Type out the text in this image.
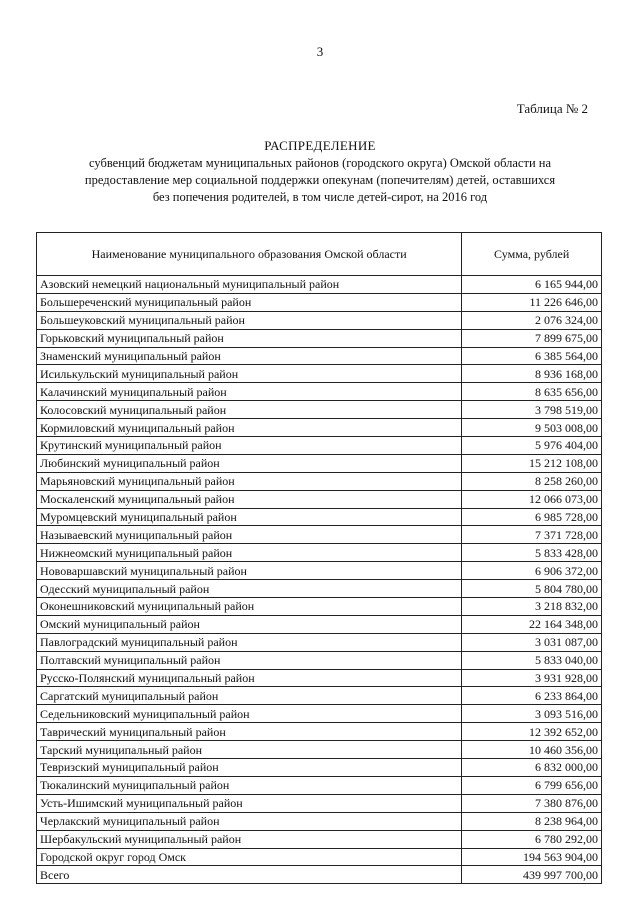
3
Таблица № 2
РАСПРЕДЕЛЕНИЕ
субвенций бюджетам муниципальных районов (городского округа) Омской области на
предоставление мер социальной поддержки опекунам (попечителям) детей, оставшихся
без попечения родителей, в том числе детей-сирот, на 2016 год
Наименование муниципального образования Омской области	Сумма, рублей
Азовский немецкий национальный муниципальный район	6 165 944,00
Большереченский муниципальный район	11 226 646,00
Большеуковский муниципальный район	2 076 324,00
Горьковский муниципальный район	7 899 675,00
Знаменский муниципальный район	6 385 564,00
Исилькульский муниципальный район	8 936 168,00
Калачинский муниципальный район	8 635 656,00
Колосовский муниципальный район	3 798 519,00
Кормиловский муниципальный район	9 503 008,00
Крутинский муниципальный район	5 976 404,00
Любинский муниципальный район	15 212 108,00
Марьяновский муниципальный район	8 258 260,00
Москаленский муниципальный район	12 066 073,00
Муромцевский муниципальный район	6 985 728,00
Называевский муниципальный район	7 371 728,00
Нижнеомский муниципальный район	5 833 428,00
Нововаршавский муниципальный район	6 906 372,00
Одесский муниципальный район	5 804 780,00
Оконешниковский муниципальный район	3 218 832,00
Омский муниципальный район	22 164 348,00
Павлоградский муниципальный район	3 031 087,00
Полтавский муниципальный район	5 833 040,00
Русско-Полянский муниципальный район	3 931 928,00
Саргатский муниципальный район	6 233 864,00
Седельниковский муниципальный район	3 093 516,00
Таврический муниципальный район	12 392 652,00
Тарский муниципальный район	10 460 356,00
Тевризский муниципальный район	6 832 000,00
Тюкалинский муниципальный район	6 799 656,00
Усть-Ишимский муниципальный район	7 380 876,00
Черлакский муниципальный район	8 238 964,00
Шербакульский муниципальный район	6 780 292,00
Городской округ город Омск	194 563 904,00
Всего	439 997 700,00
